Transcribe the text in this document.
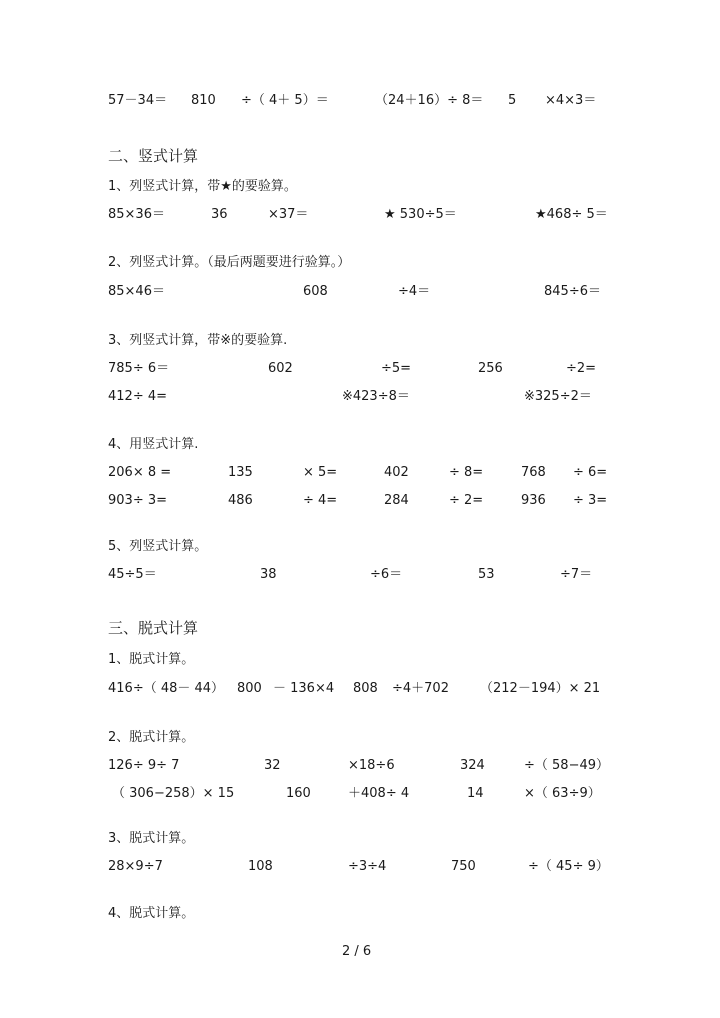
57－34＝ 810 ÷（ 4＋ 5）＝	（24＋16）÷ 8＝ 5 ×4×3＝
二、竖式计算
1、列竖式计算，带★的要验算。
85×36＝	36	×37＝	★ 530÷5＝	★468÷ 5＝
2、列竖式计算。（最后两题要进行验算。）
85×46＝	608	÷4＝	845÷6＝
3、列竖式计算，带※的要验算.
785÷ 6＝	602	÷5=	256	÷2=
412÷ 4=	※423÷8＝	※325÷2＝
4、用竖式计算.
206× 8 =	135	× 5=	402	÷ 8=	768 ÷ 6=
903÷ 3=	486	÷ 4=	284	÷ 2=	936 ÷ 3=
5、列竖式计算。
45÷5＝	38	÷6＝	53	÷7＝
三、脱式计算
1、脱式计算。
416÷（ 48－ 44） 800 － 136×4 808 ÷4＋702 （212－194）× 21
2、脱式计算。
126÷ 9÷ 7	32	×18÷6	324	÷（ 58−49）
（ 306−258）× 15	160	＋408÷ 4	14	×（ 63÷9）
3、脱式计算。
28×9÷7	108	÷3÷4	750	÷（ 45÷ 9）
4、脱式计算。
2 / 6
